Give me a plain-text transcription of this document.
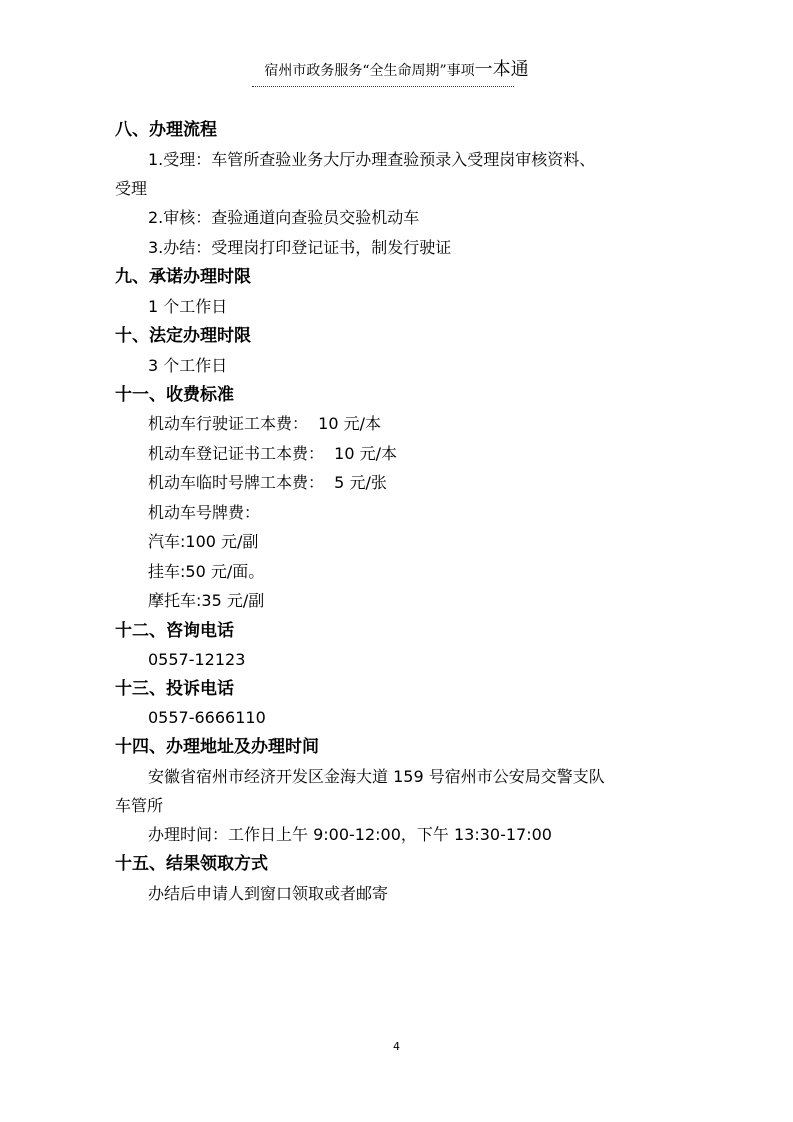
宿州市政务服务“全生命周期”事项一本通
八、办理流程
1.受理：车管所查验业务大厅办理查验预录入受理岗审核资料、
受理
2.审核：查验通道向查验员交验机动车
3.办结：受理岗打印登记证书，制发行驶证
九、承诺办理时限
1 个工作日
十、法定办理时限
3 个工作日
十一、收费标准
机动车行驶证工本费：  10 元/本
机动车登记证书工本费：  10 元/本
机动车临时号牌工本费：  5 元/张
机动车号牌费：
汽车:100 元/副
挂车:50 元/面。
摩托车:35 元/副
十二、咨询电话
0557-12123
十三、投诉电话
0557-6666110
十四、办理地址及办理时间
安徽省宿州市经济开发区金海大道 159 号宿州市公安局交警支队
车管所
办理时间：工作日上午 9:00-12:00，下午 13:30-17:00
十五、结果领取方式
办结后申请人到窗口领取或者邮寄
4
